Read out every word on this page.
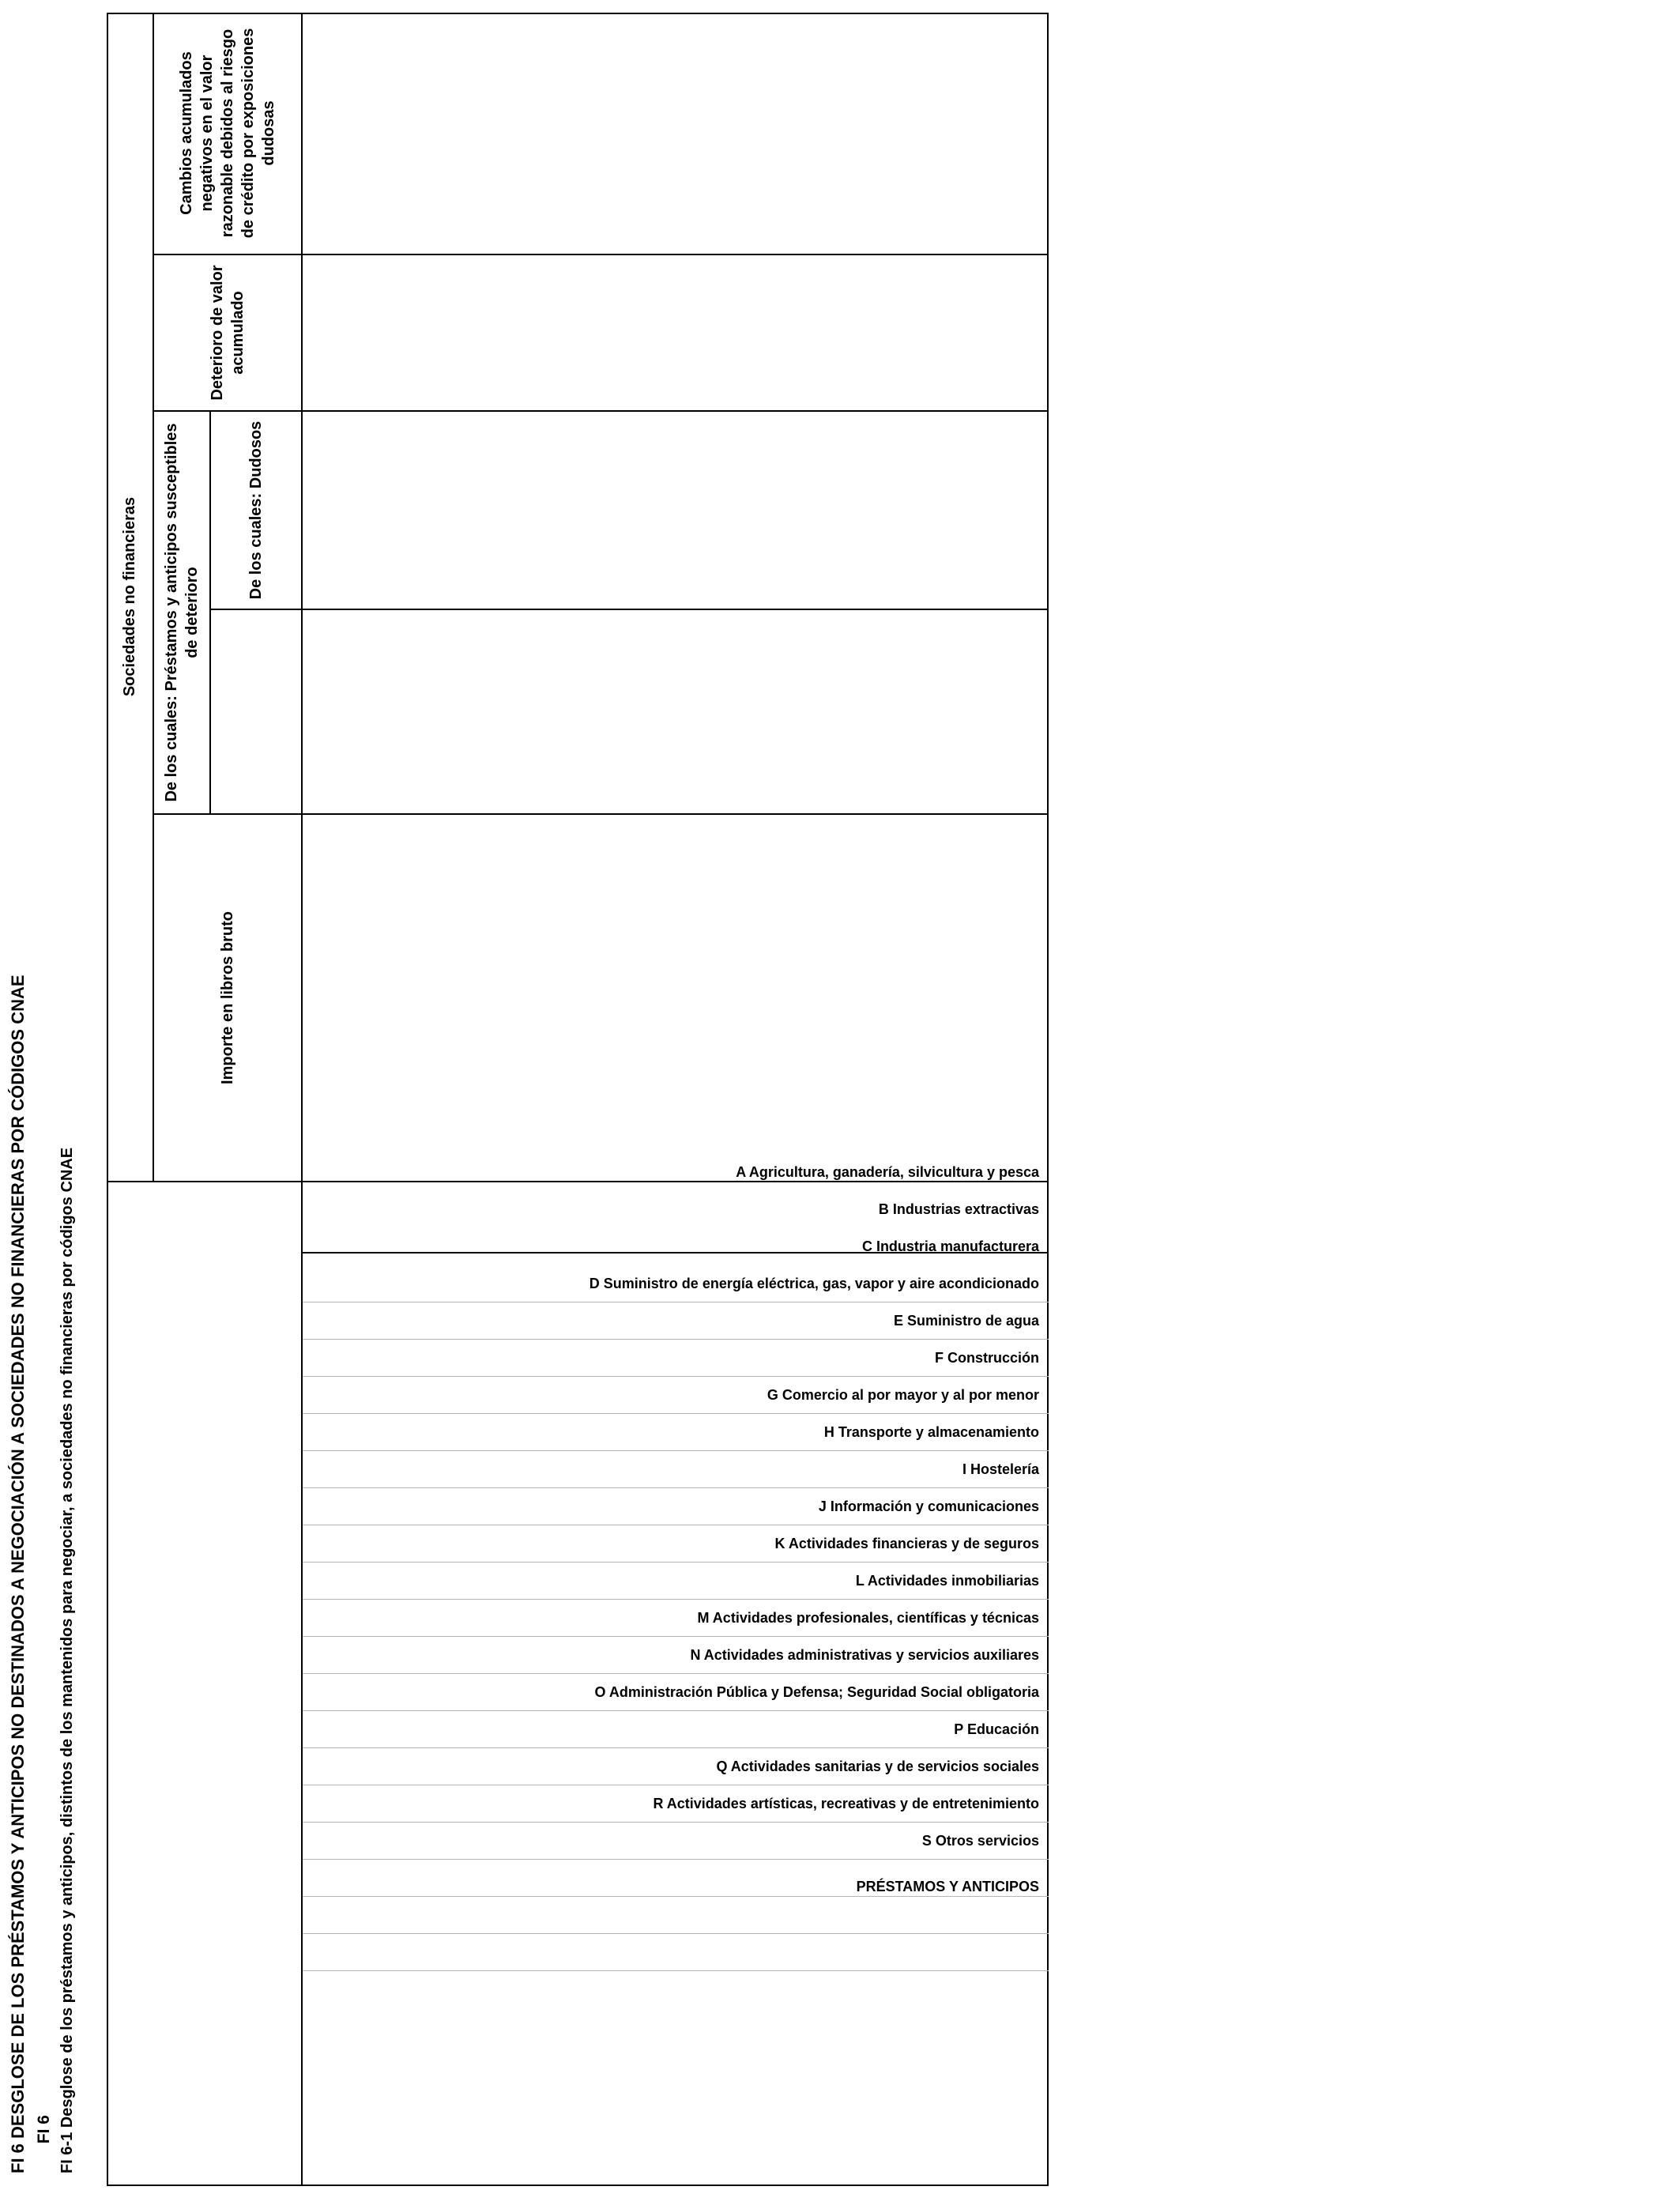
FI 6
FI 6 DESGLOSE DE LOS PRÉSTAMOS Y ANTICIPOS NO DESTINADOS A NEGOCIACIÓN A SOCIEDADES NO FINANCIERAS POR CÓDIGOS CNAE FI 6-1 Desglose de los préstamos y anticipos, distintos de los mantenidos para negociar, a sociedades no financieras por códigos CNAE
Sociedades no financieras
Importe en libros bruto
De los cuales: Préstamos y anticipos susceptibles de deterioro
De los cuales: Dudosos
Deterioro de valor acumulado
Cambios acumulados negativos en el valor razonable debidos al riesgo de crédito por exposiciones dudosas
A Agricultura, ganadería, silvicultura y pesca
B Industrias extractivas
C Industria manufacturera
D Suministro de energía eléctrica, gas, vapor y aire acondicionado
E Suministro de agua
F Construcción
G Comercio al por mayor y al por menor
H Transporte y almacenamiento
I Hostelería
J Información y comunicaciones
K Actividades financieras y de seguros
L Actividades inmobiliarias
M Actividades profesionales, científicas y técnicas
N Actividades administrativas y servicios auxiliares
O Administración Pública y Defensa; Seguridad Social obligatoria
P Educación
Q Actividades sanitarias y de servicios sociales
R Actividades artísticas, recreativas y de entretenimiento
S Otros servicios
PRÉSTAMOS Y ANTICIPOS
